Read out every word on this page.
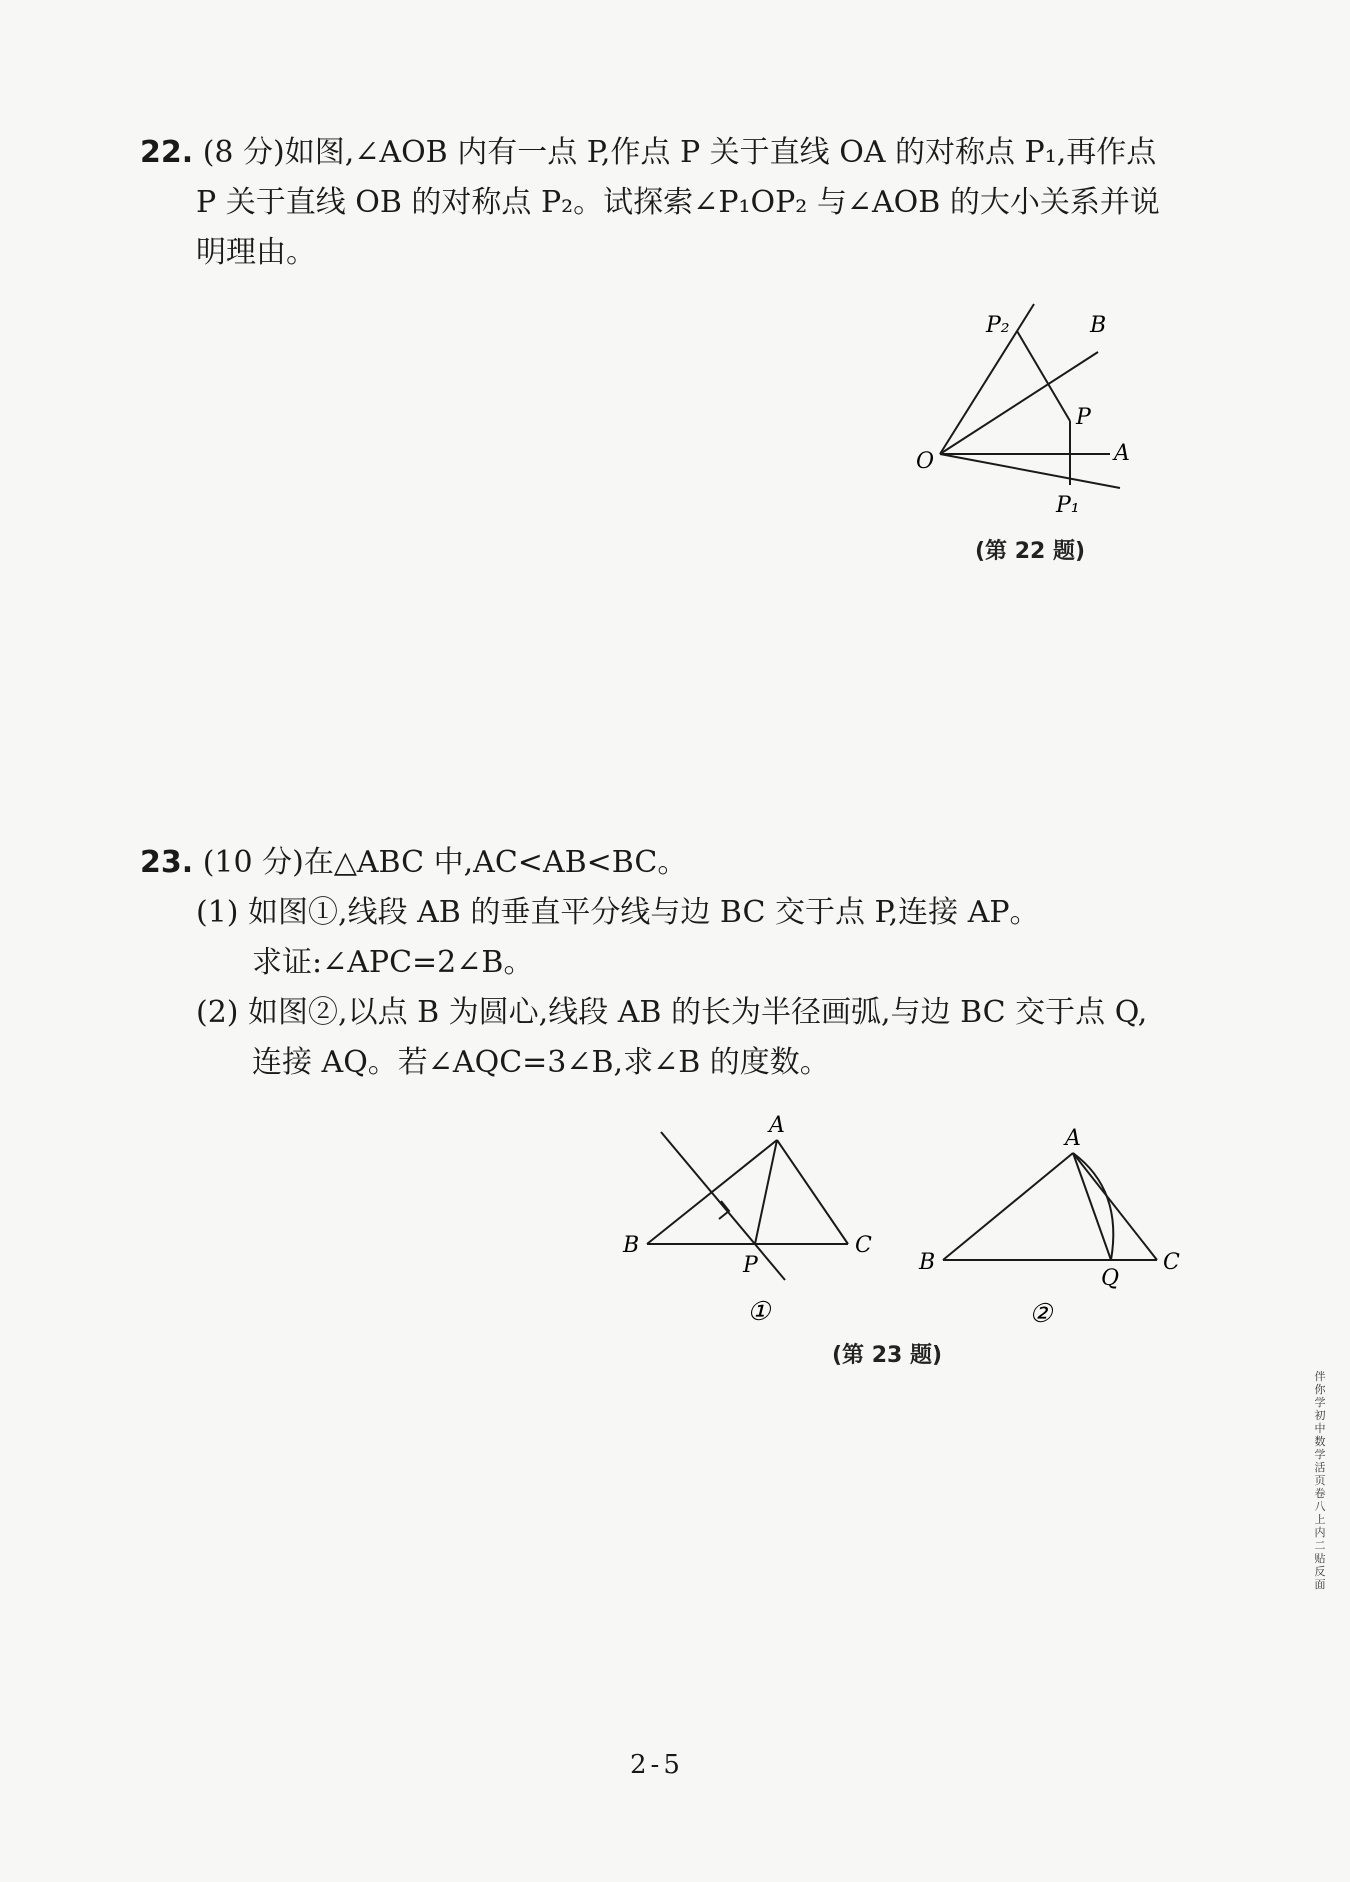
22. (8 分)如图,∠AOB 内有一点 P,作点 P 关于直线 OA 的对称点 P₁,再作点
P 关于直线 OB 的对称点 P₂。试探索∠P₁OP₂ 与∠AOB 的大小关系并说
明理由。
P₂	B
P
O	A
P₁
(第 22 题)
23. (10 分)在△ABC 中,AC<AB<BC。
(1) 如图①,线段 AB 的垂直平分线与边 BC 交于点 P,连接 AP。
求证:∠APC=2∠B。
(2) 如图②,以点 B 为圆心,线段 AB 的长为半径画弧,与边 BC 交于点 Q,
连接 AQ。若∠AQC=3∠B,求∠B 的度数。
A
B
P
C
①
A
B
Q
C
②
(第 23 题)
伴你学初中数学活页卷 八上 内二贴反面
2-5
